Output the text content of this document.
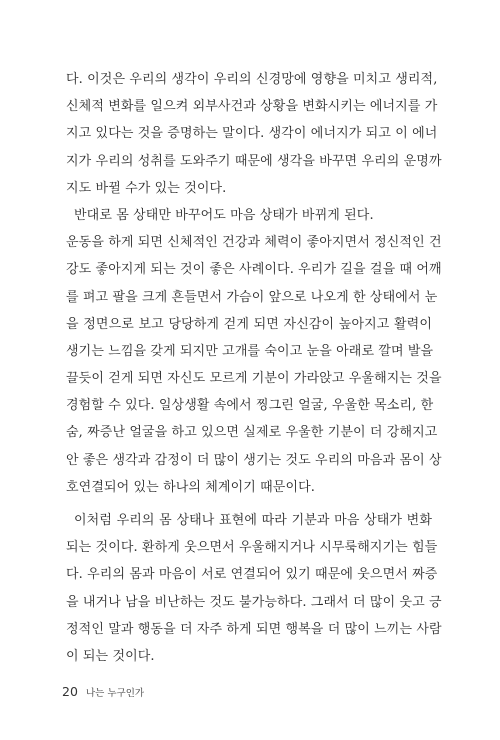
다. 이것은 우리의 생각이 우리의 신경망에 영향을 미치고 생리적,
신체적 변화를 일으켜 외부사건과 상황을 변화시키는 에너지를 가
지고 있다는 것을 증명하는 말이다. 생각이 에너지가 되고 이 에너
지가 우리의 성취를 도와주기 때문에 생각을 바꾸면 우리의 운명까
지도 바뀔 수가 있는 것이다.
반대로 몸 상태만 바꾸어도 마음 상태가 바뀌게 된다.
운동을 하게 되면 신체적인 건강과 체력이 좋아지면서 정신적인 건
강도 좋아지게 되는 것이 좋은 사례이다. 우리가 길을 걸을 때 어깨
를 펴고 팔을 크게 흔들면서 가슴이 앞으로 나오게 한 상태에서 눈
을 정면으로 보고 당당하게 걷게 되면 자신감이 높아지고 활력이
생기는 느낌을 갖게 되지만 고개를 숙이고 눈을 아래로 깔며 발을
끌듯이 걷게 되면 자신도 모르게 기분이 가라앉고 우울해지는 것을
경험할 수 있다. 일상생활 속에서 찡그린 얼굴, 우울한 목소리, 한
숨, 짜증난 얼굴을 하고 있으면 실제로 우울한 기분이 더 강해지고
안 좋은 생각과 감정이 더 많이 생기는 것도 우리의 마음과 몸이 상
호연결되어 있는 하나의 체계이기 때문이다.
이처럼 우리의 몸 상태나 표현에 따라 기분과 마음 상태가 변화
되는 것이다. 환하게 웃으면서 우울해지거나 시무룩해지기는 힘들
다. 우리의 몸과 마음이 서로 연결되어 있기 때문에 웃으면서 짜증
을 내거나 남을 비난하는 것도 불가능하다. 그래서 더 많이 웃고 긍
정적인 말과 행동을 더 자주 하게 되면 행복을 더 많이 느끼는 사람
이 되는 것이다.
20 나는 누구인가
